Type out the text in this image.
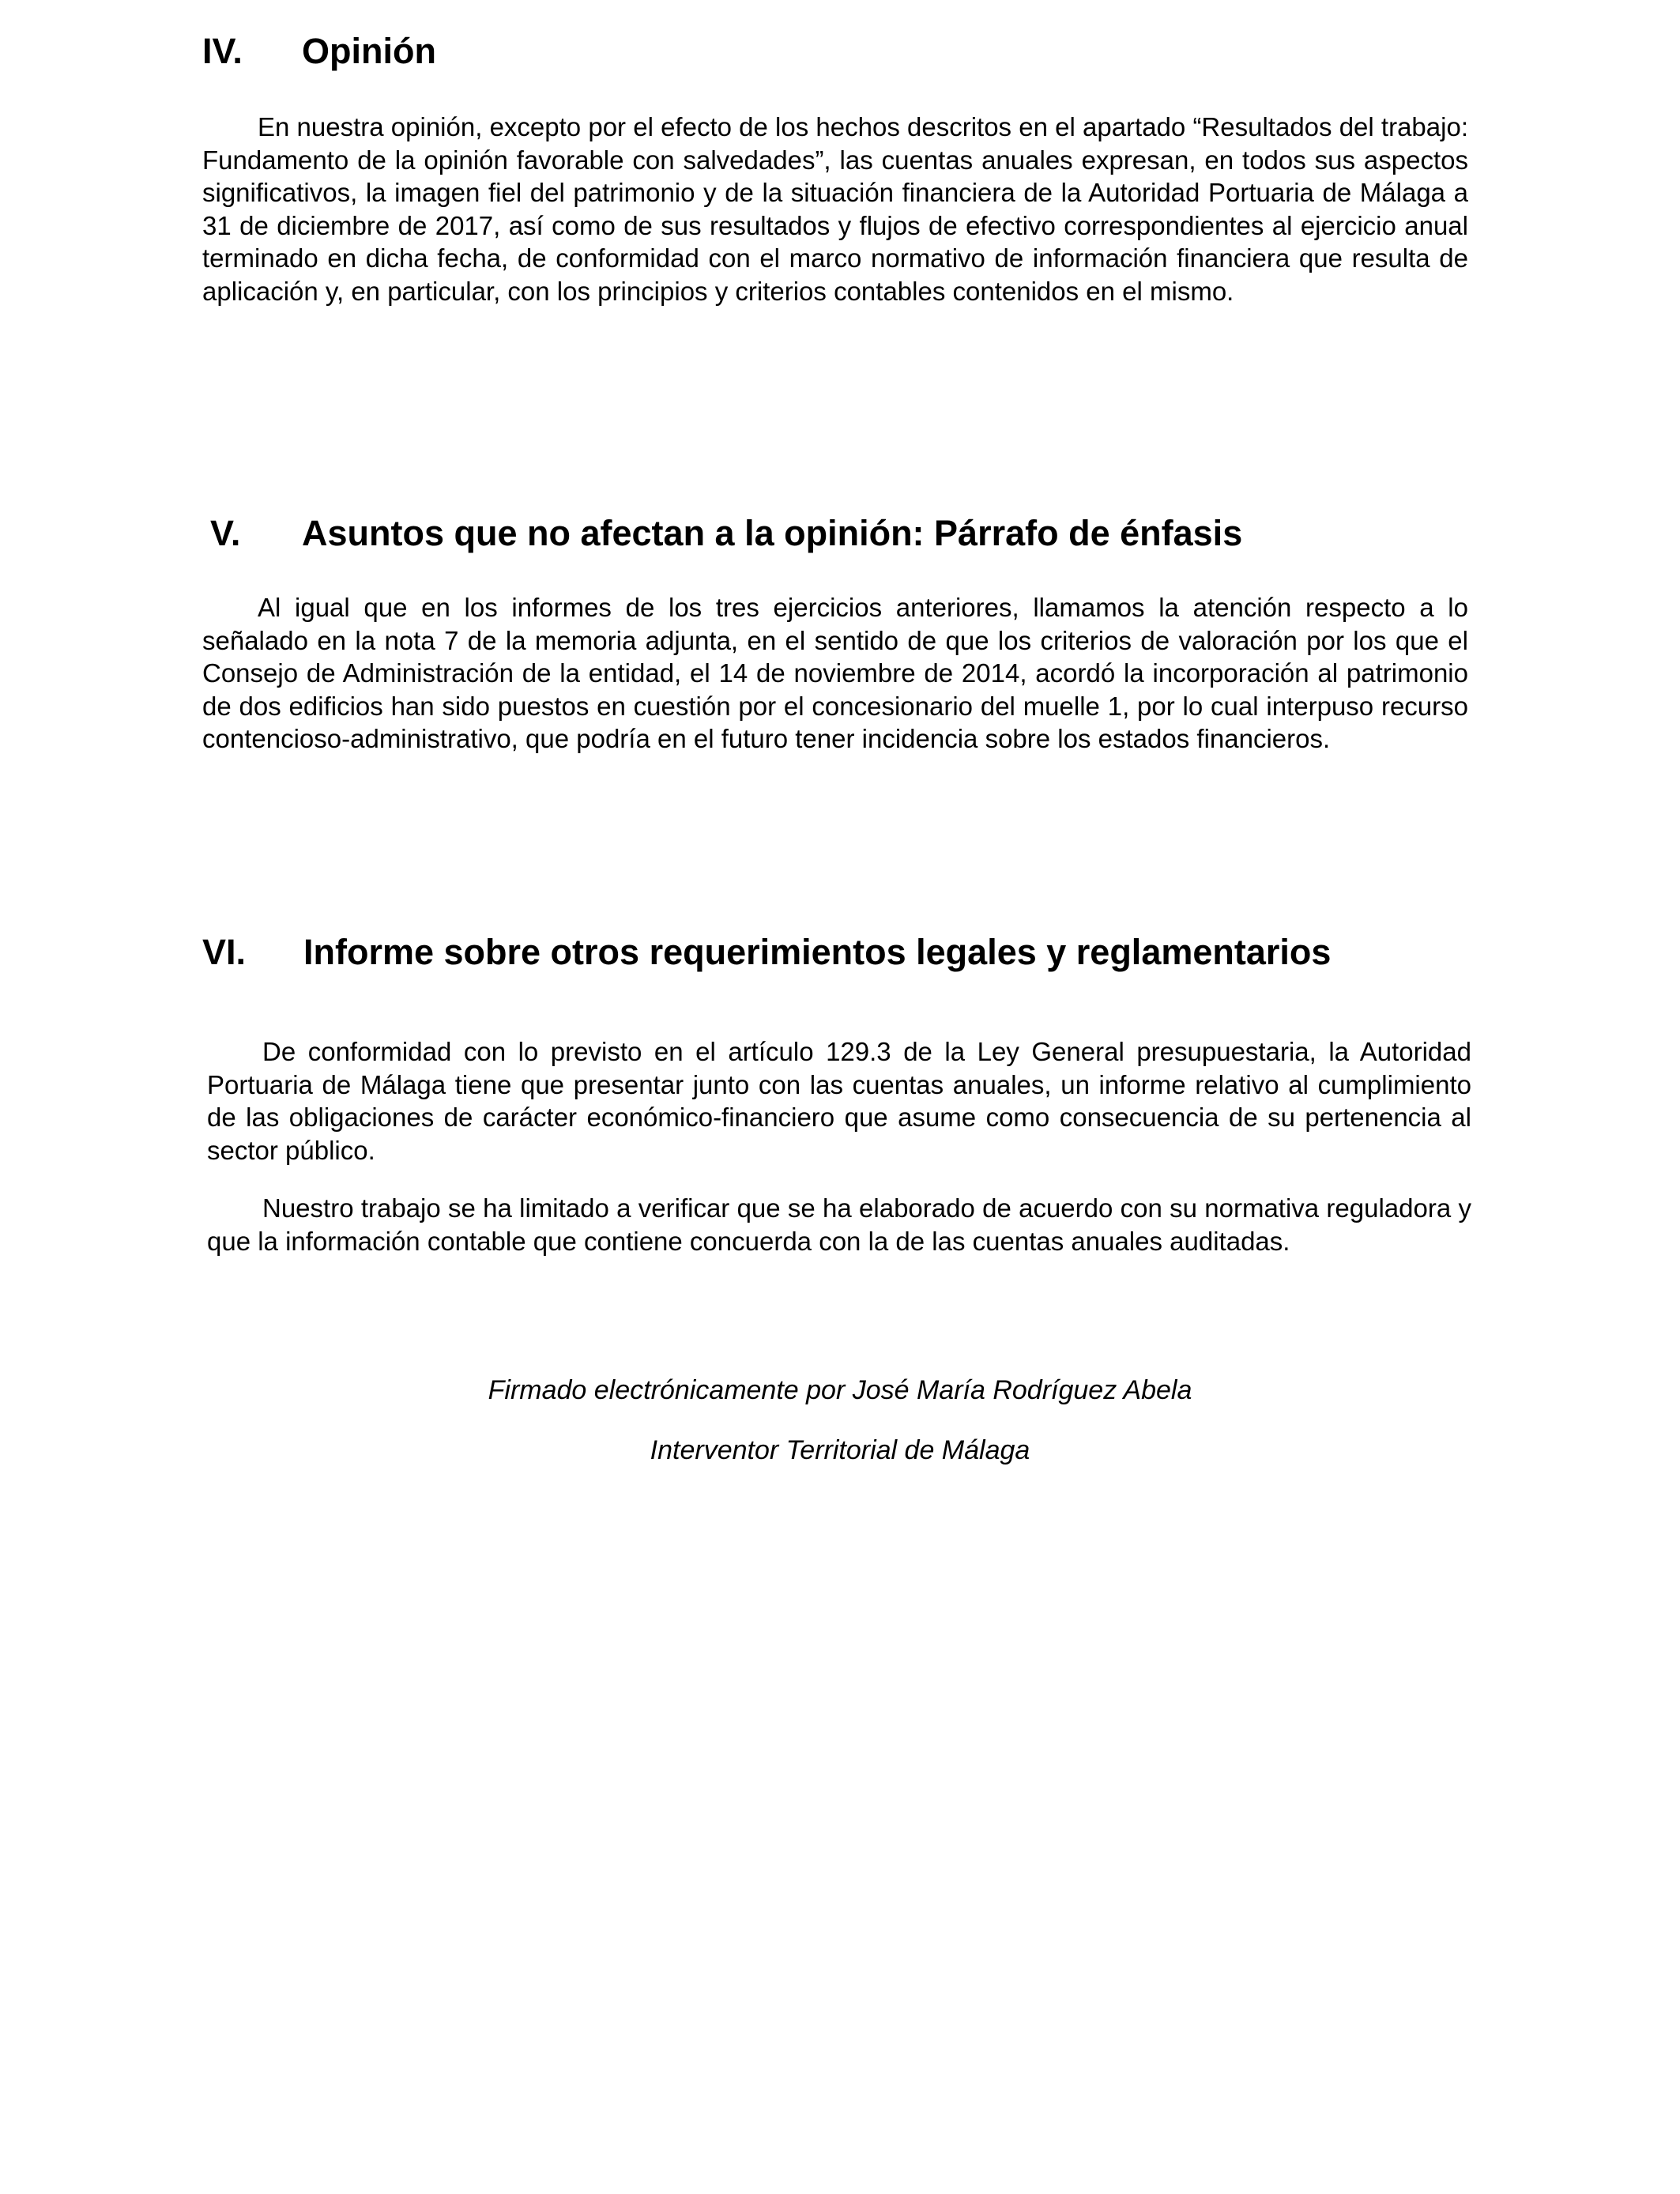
IV. Opinión

En nuestra opinión, excepto por el efecto de los hechos descritos en el apartado “Resultados del trabajo: Fundamento de la opinión favorable con salvedades”, las cuentas anuales expresan, en todos sus aspectos significativos, la imagen fiel del patrimonio y de la situación financiera de la Autoridad Portuaria de Málaga a 31 de diciembre de 2017, así como de sus resultados y flujos de efectivo correspondientes al ejercicio anual terminado en dicha fecha, de conformidad con el marco normativo de información financiera que resulta de aplicación y, en particular, con los principios y criterios contables contenidos en el mismo.

V. Asuntos que no afectan a la opinión: Párrafo de énfasis

Al igual que en los informes de los tres ejercicios anteriores, llamamos la atención respecto a lo señalado en la nota 7 de la memoria adjunta, en el sentido de que los criterios de valoración por los que el Consejo de Administración de la entidad, el 14 de noviembre de 2014, acordó la incorporación al patrimonio de dos edificios han sido puestos en cuestión por el concesionario del muelle 1, por lo cual interpuso recurso contencioso-administrativo, que podría en el futuro tener incidencia sobre los estados financieros.

VI. Informe sobre otros requerimientos legales y reglamentarios

De conformidad con lo previsto en el artículo 129.3 de la Ley General presupuestaria, la Autoridad Portuaria de Málaga tiene que presentar junto con las cuentas anuales, un informe relativo al cumplimiento de las obligaciones de carácter económico-financiero que asume como consecuencia de su pertenencia al sector público.

Nuestro trabajo se ha limitado a verificar que se ha elaborado de acuerdo con su normativa reguladora y que la información contable que contiene concuerda con la de las cuentas anuales auditadas.

Firmado electrónicamente por José María Rodríguez Abela

Interventor Territorial de Málaga
